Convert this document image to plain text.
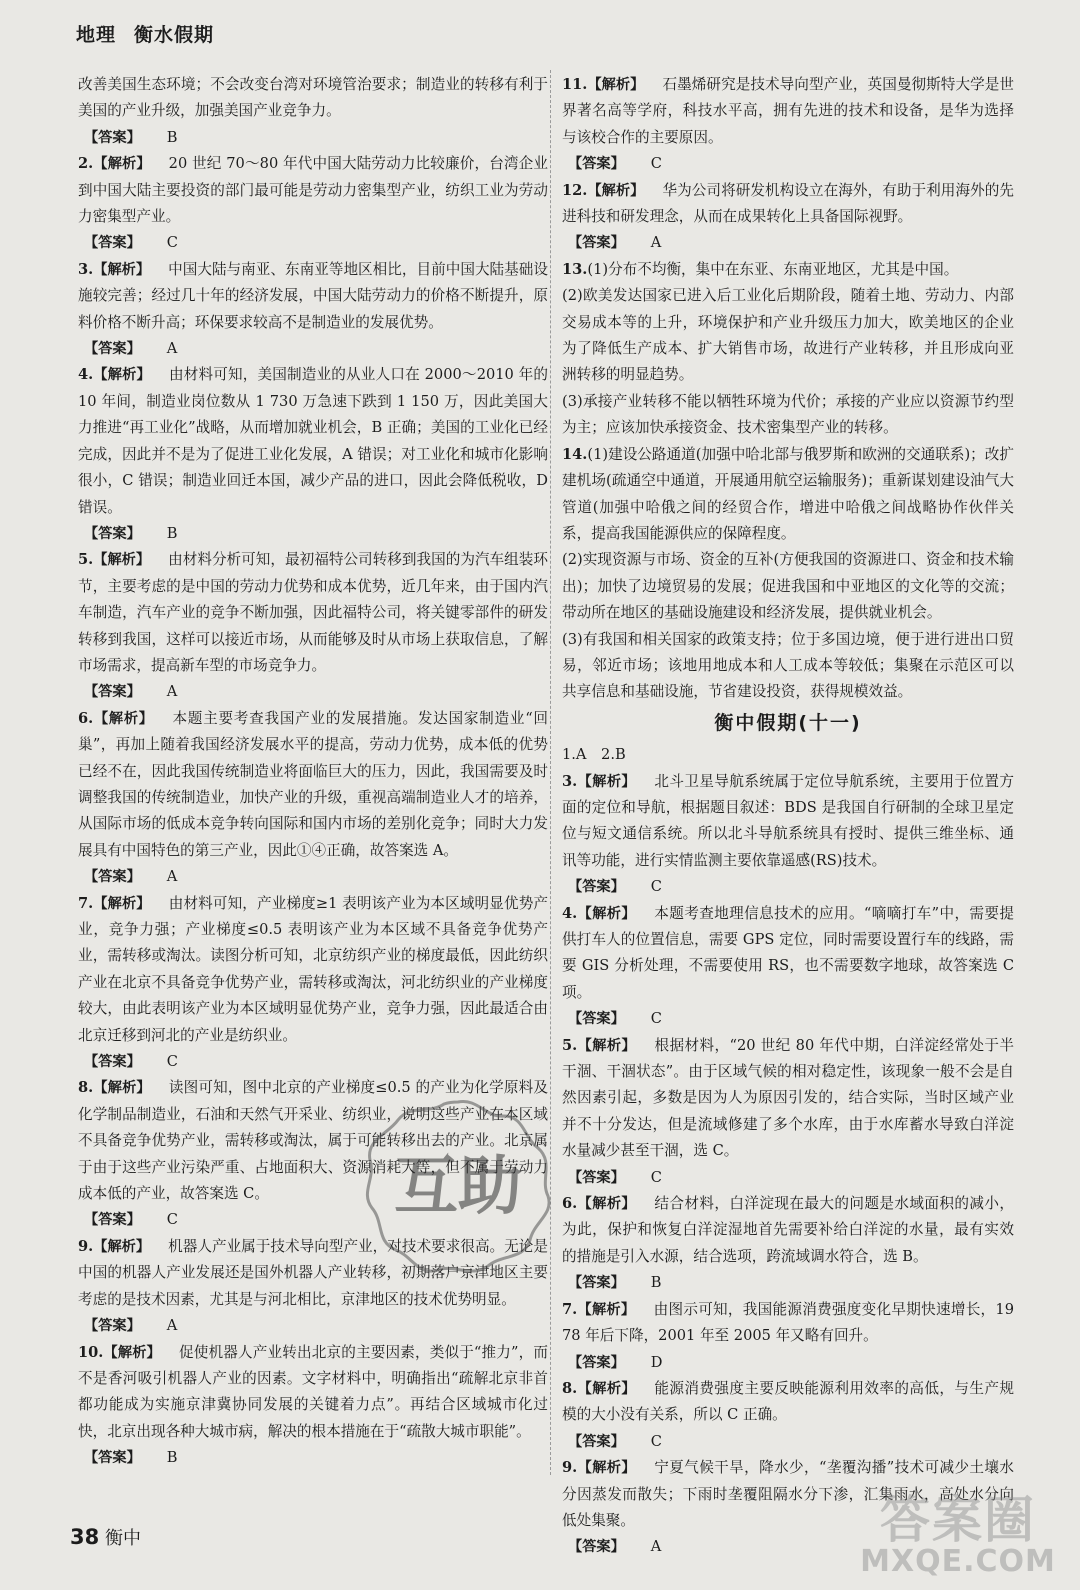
地理 衡水假期
改善美国生态环境；不会改变台湾对环境管治要求；制造业的转移有利于美国的产业升级，加强美国产业竞争力。
【答案】 B
2.【解析】 20 世纪 70～80 年代中国大陆劳动力比较廉价，台湾企业到中国大陆主要投资的部门最可能是劳动力密集型产业，纺织工业为劳动力密集型产业。
【答案】 C
3.【解析】 中国大陆与南亚、东南亚等地区相比，目前中国大陆基础设施较完善；经过几十年的经济发展，中国大陆劳动力的价格不断提升，原料价格不断升高；环保要求较高不是制造业的发展优势。
【答案】 A
4.【解析】 由材料可知，美国制造业的从业人口在 2000～2010 年的 10 年间，制造业岗位数从 1 730 万急速下跌到 1 150 万，因此美国大力推进“再工业化”战略，从而增加就业机会，B 正确；美国的工业化已经完成，因此并不是为了促进工业化发展，A 错误；对工业化和城市化影响很小，C 错误；制造业回迁本国，减少产品的进口，因此会降低税收，D 错误。
【答案】 B
5.【解析】 由材料分析可知，最初福特公司转移到我国的为汽车组装环节，主要考虑的是中国的劳动力优势和成本优势，近几年来，由于国内汽车制造，汽车产业的竞争不断加强，因此福特公司，将关键零部件的研发转移到我国，这样可以接近市场，从而能够及时从市场上获取信息，了解市场需求，提高新车型的市场竞争力。
【答案】 A
6.【解析】 本题主要考查我国产业的发展措施。发达国家制造业“回巢”，再加上随着我国经济发展水平的提高，劳动力优势，成本低的优势已经不在，因此我国传统制造业将面临巨大的压力，因此，我国需要及时调整我国的传统制造业，加快产业的升级，重视高端制造业人才的培养，从国际市场的低成本竞争转向国际和国内市场的差别化竞争；同时大力发展具有中国特色的第三产业，因此①④正确，故答案选 A。
【答案】 A
7.【解析】 由材料可知，产业梯度≥1 表明该产业为本区域明显优势产业，竞争力强；产业梯度≤0.5 表明该产业为本区域不具备竞争优势产业，需转移或淘汰。读图分析可知，北京纺织产业的梯度最低，因此纺织产业在北京不具备竞争优势产业，需转移或淘汰，河北纺织业的产业梯度较大，由此表明该产业为本区域明显优势产业，竞争力强，因此最适合由北京迁移到河北的产业是纺织业。
【答案】 C
8.【解析】 读图可知，图中北京的产业梯度≤0.5 的产业为化学原料及化学制品制造业，石油和天然气开采业、纺织业，说明这些产业在本区域不具备竞争优势产业，需转移或淘汰，属于可能转移出去的产业。北京属于由于这些产业污染严重、占地面积大、资源消耗大等，但不属于劳动力成本低的产业，故答案选 C。
【答案】 C
9.【解析】 机器人产业属于技术导向型产业，对技术要求很高。无论是中国的机器人产业发展还是国外机器人产业转移，初期落户京津地区主要考虑的是技术因素，尤其是与河北相比，京津地区的技术优势明显。
【答案】 A
10.【解析】 促使机器人产业转出北京的主要因素，类似于“推力”，而不是香河吸引机器人产业的因素。文字材料中，明确指出“疏解北京非首都功能成为实施京津冀协同发展的关键着力点”。再结合区域城市化过快，北京出现各种大城市病，解决的根本措施在于“疏散大城市职能”。
【答案】 B
11.【解析】 石墨烯研究是技术导向型产业，英国曼彻斯特大学是世界著名高等学府，科技水平高，拥有先进的技术和设备，是华为选择与该校合作的主要原因。
【答案】 C
12.【解析】 华为公司将研发机构设立在海外，有助于利用海外的先进科技和研发理念，从而在成果转化上具备国际视野。
【答案】 A
13.(1)分布不均衡，集中在东亚、东南亚地区，尤其是中国。
(2)欧美发达国家已进入后工业化后期阶段，随着土地、劳动力、内部交易成本等的上升，环境保护和产业升级压力加大，欧美地区的企业为了降低生产成本、扩大销售市场，故进行产业转移，并且形成向亚洲转移的明显趋势。
(3)承接产业转移不能以牺牲环境为代价；承接的产业应以资源节约型为主；应该加快承接资金、技术密集型产业的转移。
14.(1)建设公路通道(加强中哈北部与俄罗斯和欧洲的交通联系)；改扩建机场(疏通空中通道，开展通用航空运输服务)；重新谋划建设油气大管道(加强中哈俄之间的经贸合作，增进中哈俄之间战略协作伙伴关系，提高我国能源供应的保障程度。
(2)实现资源与市场、资金的互补(方便我国的资源进口、资金和技术输出)；加快了边境贸易的发展；促进我国和中亚地区的文化等的交流；带动所在地区的基础设施建设和经济发展，提供就业机会。
(3)有我国和相关国家的政策支持；位于多国边境，便于进行进出口贸易，邻近市场；该地用地成本和人工成本等较低；集聚在示范区可以共享信息和基础设施，节省建设投资，获得规模效益。
衡中假期(十一)
1.A　2.B
3.【解析】 北斗卫星导航系统属于定位导航系统，主要用于位置方面的定位和导航，根据题目叙述：BDS 是我国自行研制的全球卫星定位与短文通信系统。所以北斗导航系统具有授时、提供三维坐标、通讯等功能，进行实情监测主要依靠遥感(RS)技术。
【答案】 C
4.【解析】 本题考查地理信息技术的应用。“嘀嘀打车”中，需要提供打车人的位置信息，需要 GPS 定位，同时需要设置行车的线路，需要 GIS 分析处理，不需要使用 RS，也不需要数字地球，故答案选 C 项。
【答案】 C
5.【解析】 根据材料，“20 世纪 80 年代中期，白洋淀经常处于半干涸、干涸状态”。由于区域气候的相对稳定性，该现象一般不会是自然因素引起，多数是因为人为原因引发的，结合实际，当时区域产业并不十分发达，但是流域修建了多个水库，由于水库蓄水导致白洋淀水量减少甚至干涸，选 C。
【答案】 C
6.【解析】 结合材料，白洋淀现在最大的问题是水域面积的减小，为此，保护和恢复白洋淀湿地首先需要补给白洋淀的水量，最有实效的措施是引入水源，结合选项，跨流域调水符合，选 B。
【答案】 B
7.【解析】 由图示可知，我国能源消费强度变化早期快速增长，1978 年后下降，2001 年至 2005 年又略有回升。
【答案】 D
8.【解析】 能源消费强度主要反映能源利用效率的高低，与生产规模的大小没有关系，所以 C 正确。
【答案】 C
9.【解析】 宁夏气候干旱，降水少，“垄覆沟播”技术可减少土壤水分因蒸发而散失；下雨时垄覆阻隔水分下渗，汇集雨水，高处水分向低处集聚。
【答案】 A
互助
38 衡中	答案圈
MXQE.COM
